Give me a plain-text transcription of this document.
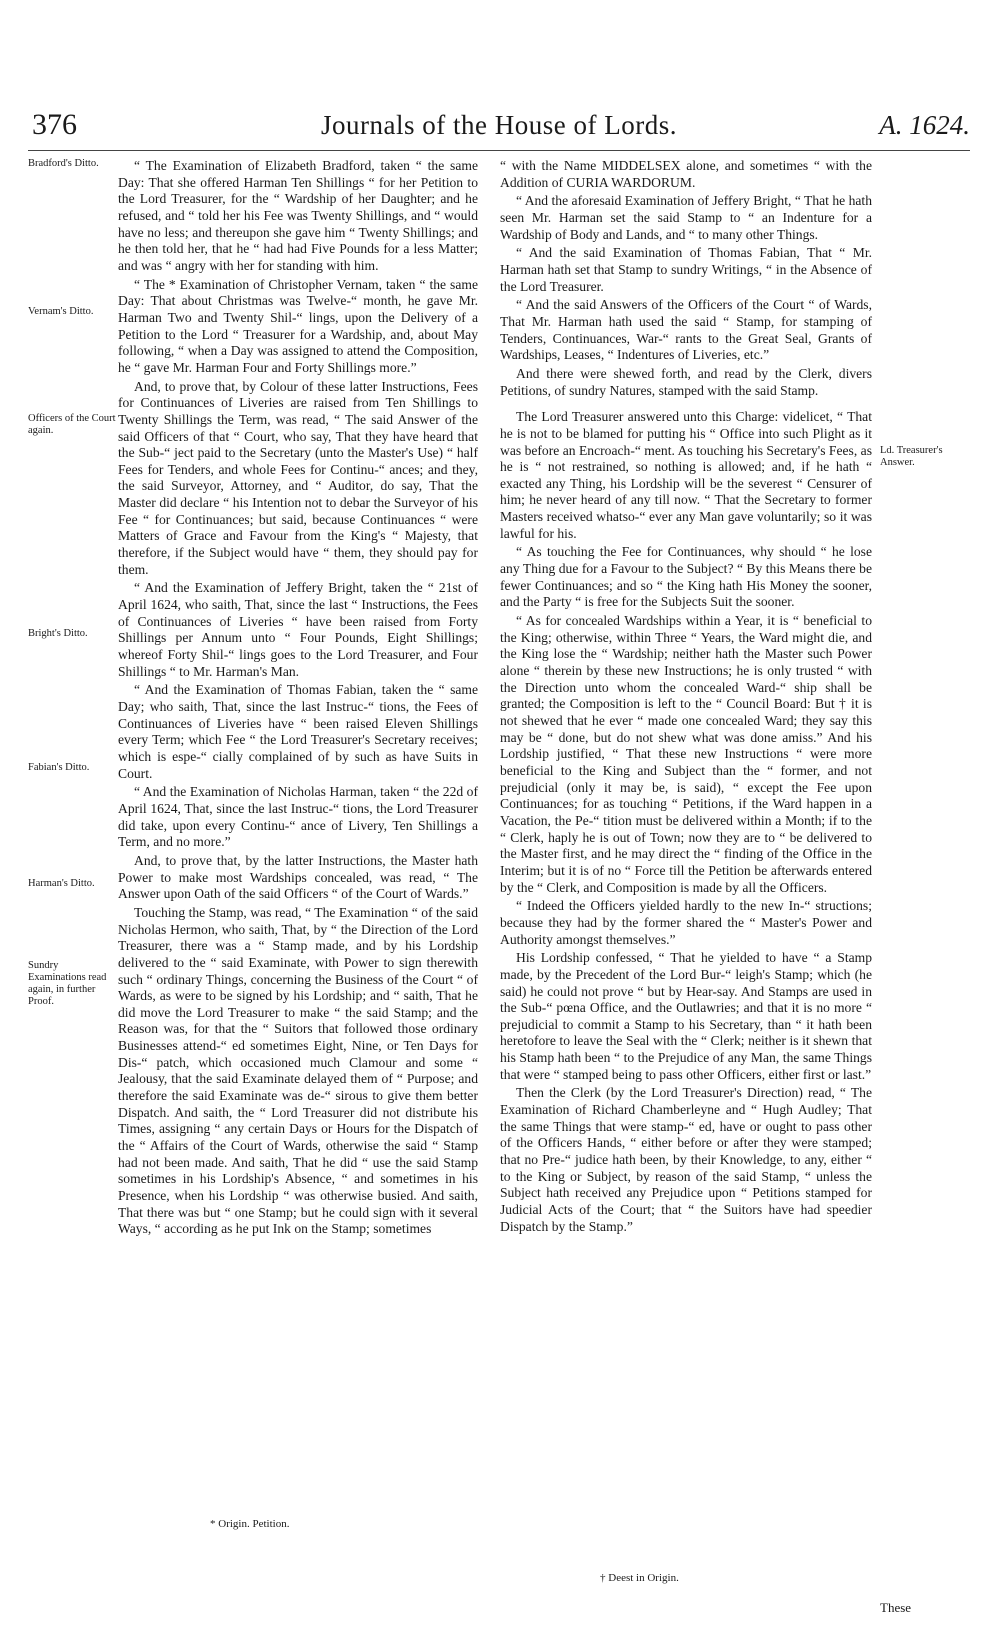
376	Journals of the House of Lords.	A. 1624.
Bradford's Ditto.
Vernam's Ditto.
Officers of the Court again.
Bright's Ditto.
Fabian's Ditto.
Harman's Ditto.
Sundry Examinations read again, in further Proof.

“ The Examination of Elizabeth Bradford, taken “ the same Day: That she offered Harman Ten Shillings “ for her Petition to the Lord Treasurer, for the “ Wardship of her Daughter; and he refused, and “ told her his Fee was Twenty Shillings, and “ would have no less; and thereupon she gave him “ Twenty Shillings; and he then told her, that he “ had had Five Pounds for a less Matter; and was “ angry with her for standing with him.

“ The * Examination of Christopher Vernam, taken “ the same Day: That about Christmas was Twelve-“ month, he gave Mr. Harman Two and Twenty Shil-“ lings, upon the Delivery of a Petition to the Lord “ Treasurer for a Wardship, and, about May following, “ when a Day was assigned to attend the Composition, he “ gave Mr. Harman Four and Forty Shillings more.”

And, to prove that, by Colour of these latter Instructions, Fees for Continuances of Liveries are raised from Ten Shillings to Twenty Shillings the Term, was read, “ The said Answer of the said Officers of that “ Court, who say, That they have heard that the Sub-“ ject paid to the Secretary (unto the Master's Use) “ half Fees for Tenders, and whole Fees for Continu-“ ances; and they, the said Surveyor, Attorney, and “ Auditor, do say, That the Master did declare “ his Intention not to debar the Surveyor of his Fee “ for Continuances; but said, because Continuances “ were Matters of Grace and Favour from the King's “ Majesty, that therefore, if the Subject would have “ them, they should pay for them.

“ And the Examination of Jeffery Bright, taken the “ 21st of April 1624, who saith, That, since the last “ Instructions, the Fees of Continuances of Liveries “ have been raised from Forty Shillings per Annum unto “ Four Pounds, Eight Shillings; whereof Forty Shil-“ lings goes to the Lord Treasurer, and Four Shillings “ to Mr. Harman's Man.

“ And the Examination of Thomas Fabian, taken the “ same Day; who saith, That, since the last Instruc-“ tions, the Fees of Continuances of Liveries have “ been raised Eleven Shillings every Term; which Fee “ the Lord Treasurer's Secretary receives; which is espe-“ cially complained of by such as have Suits in Court.

“ And the Examination of Nicholas Harman, taken “ the 22d of April 1624, That, since the last Instruc-“ tions, the Lord Treasurer did take, upon every Continu-“ ance of Livery, Ten Shillings a Term, and no more.”

And, to prove that, by the latter Instructions, the Master hath Power to make most Wardships concealed, was read, “ The Answer upon Oath of the said Officers “ of the Court of Wards.”

Touching the Stamp, was read, “ The Examination “ of the said Nicholas Hermon, who saith, That, by “ the Direction of the Lord Treasurer, there was a “ Stamp made, and by his Lordship delivered to the “ said Examinate, with Power to sign therewith such “ ordinary Things, concerning the Business of the Court “ of Wards, as were to be signed by his Lordship; and “ saith, That he did move the Lord Treasurer to make “ the said Stamp; and the Reason was, for that the “ Suitors that followed those ordinary Businesses attend-“ ed sometimes Eight, Nine, or Ten Days for Dis-“ patch, which occasioned much Clamour and some “ Jealousy, that the said Examinate delayed them of “ Purpose; and therefore the said Examinate was de-“ sirous to give them better Dispatch. And saith, the “ Lord Treasurer did not distribute his Times, assigning “ any certain Days or Hours for the Dispatch of the “ Affairs of the Court of Wards, otherwise the said “ Stamp had not been made. And saith, That he did “ use the said Stamp sometimes in his Lordship's Absence, “ and sometimes in his Presence, when his Lordship “ was otherwise busied. And saith, That there was but “ one Stamp; but he could sign with it several Ways, “ according as he put Ink on the Stamp; sometimes

“ with the Name MIDDELSEX alone, and sometimes “ with the Addition of CURIA WARDORUM.

“ And the aforesaid Examination of Jeffery Bright, “ That he hath seen Mr. Harman set the said Stamp to “ an Indenture for a Wardship of Body and Lands, and “ to many other Things.

“ And the said Examination of Thomas Fabian, That “ Mr. Harman hath set that Stamp to sundry Writings, “ in the Absence of the Lord Treasurer.

“ And the said Answers of the Officers of the Court “ of Wards, That Mr. Harman hath used the said “ Stamp, for stamping of Tenders, Continuances, War-“ rants to the Great Seal, Grants of Wardships, Leases, “ Indentures of Liveries, etc.”

And there were shewed forth, and read by the Clerk, divers Petitions, of sundry Natures, stamped with the said Stamp.

The Lord Treasurer answered unto this Charge: videlicet, “ That he is not to be blamed for putting his “ Office into such Plight as it was before an Encroach-“ ment. As touching his Secretary's Fees, as he is “ not restrained, so nothing is allowed; and, if he hath “ exacted any Thing, his Lordship will be the severest “ Censurer of him; he never heard of any till now. “ That the Secretary to former Masters received whatso-“ ever any Man gave voluntarily; so it was lawful for his.

“ As touching the Fee for Continuances, why should “ he lose any Thing due for a Favour to the Subject? “ By this Means there be fewer Continuances; and so “ the King hath His Money the sooner, and the Party “ is free for the Subjects Suit the sooner.

“ As for concealed Wardships within a Year, it is “ beneficial to the King; otherwise, within Three “ Years, the Ward might die, and the King lose the “ Wardship; neither hath the Master such Power alone “ therein by these new Instructions; he is only trusted “ with the Direction unto whom the concealed Ward-“ ship shall be granted; the Composition is left to the “ Council Board: But † it is not shewed that he ever “ made one concealed Ward; they say this may be “ done, but do not shew what was done amiss.” And his Lordship justified, “ That these new Instructions “ were more beneficial to the King and Subject than the “ former, and not prejudicial (only it may be, is said), “ except the Fee upon Continuances; for as touching “ Petitions, if the Ward happen in a Vacation, the Pe-“ tition must be delivered within a Month; if to the “ Clerk, haply he is out of Town; now they are to “ be delivered to the Master first, and he may direct the “ finding of the Office in the Interim; but it is of no “ Force till the Petition be afterwards entered by the “ Clerk, and Composition is made by all the Officers.

“ Indeed the Officers yielded hardly to the new In-“ structions; because they had by the former shared the “ Master's Power and Authority amongst themselves.”

His Lordship confessed, “ That he yielded to have “ a Stamp made, by the Precedent of the Lord Bur-“ leigh's Stamp; which (he said) he could not prove “ but by Hear-say. And Stamps are used in the Sub-“ pœna Office, and the Outlawries; and that it is no more “ prejudicial to commit a Stamp to his Secretary, than “ it hath been heretofore to leave the Seal with the “ Clerk; neither is it shewn that his Stamp hath been “ to the Prejudice of any Man, the same Things that were “ stamped being to pass other Officers, either first or last.”

Then the Clerk (by the Lord Treasurer's Direction) read, “ The Examination of Richard Chamberleyne and “ Hugh Audley; That the same Things that were stamp-“ ed, have or ought to pass other of the Officers Hands, “ either before or after they were stamped; that no Pre-“ judice hath been, by their Knowledge, to any, either “ to the King or Subject, by reason of the said Stamp, “ unless the Subject hath received any Prejudice upon “ Petitions stamped for Judicial Acts of the Court; that “ the Suitors have had speedier Dispatch by the Stamp.”

Ld. Treasurer's Answer.
* Origin. Petition.
† Deest in Origin.
These
